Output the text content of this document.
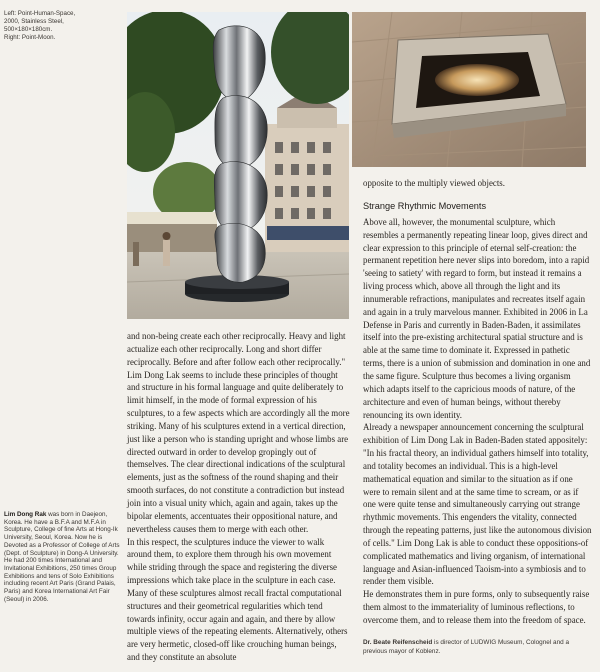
Left: Point-Human-Space,
2000, Stainless Steel,
500×180×180cm.
Right: Point-Moon.
Lim Dong Rak was born in Daejeon, Korea. He have a B.F.A and M.F.A in Sculpture, College of fine Arts at Hong-Ik University, Seoul, Korea. Now he is Devoted as a Professor of College of Arts (Dept. of Sculpture) in Dong-A University. He had 200 times International and Invitational Exhibitions, 250 times Group Exhibitions and tens of Solo Exhibitions including recent Art Paris (Grand Palais, Paris) and Korea International Art Fair (Seoul) in 2006.

and non-being create each other reciprocally. Heavy and light actualize each other reciprocally. Long and short differ reciprocally. Before and after follow each other reciprocally."

Lim Dong Lak seems to include these principles of thought and structure in his formal language and quite deliberately to limit himself, in the mode of formal expression of his sculptures, to a few aspects which are accordingly all the more striking. Many of his sculptures extend in a vertical direction, just like a person who is standing upright and whose limbs are directed outward in order to develop gropingly out of themselves. The clear directional indications of the sculptural elements, just as the softness of the round shaping and their smooth surfaces, do not constitute a contradiction but instead join into a visual unity which, again and again, takes up the bipolar elements, accentuates their oppositional nature, and nevertheless causes them to merge with each other.

In this respect, the sculptures induce the viewer to walk around them, to explore them through his own movement while striding through the space and registering the diverse impressions which take place in the sculpture in each case. Many of these sculptures almost recall fractal computational structures and their geometrical regularities which tend towards infinity, occur again and again, and there by allow multiple views of the repeating elements. Alternatively, others are very hermetic, closed-off like crouching human beings, and they constitute an absolute

opposite to the multiply viewed objects.

Strange Rhythmic Movements

Above all, however, the monumental sculpture, which resembles a permanently repeating linear loop, gives direct and clear expression to this principle of eternal self-creation: the permanent repetition here never slips into boredom, into a rapid 'seeing to satiety' with regard to form, but instead it remains a living process which, above all through the light and its innumerable refractions, manipulates and recreates itself again and again in a truly marvelous manner. Exhibited in 2006 in La Defense in Paris and currently in Baden-Baden, it assimilates itself into the pre-existing architectural spatial structure and is able at the same time to dominate it. Expressed in pathetic terms, there is a union of submission and domination in one and the same figure. Sculpture thus becomes a living organism which adapts itself to the capricious moods of nature, of the architecture and even of human beings, without thereby renouncing its own identity.

Already a newspaper announcement concerning the sculptural exhibition of Lim Dong Lak in Baden-Baden stated appositely: "In his fractal theory, an individual gathers himself into totality, and totality becomes an individual. This is a high-level mathematical equation and similar to the situation as if one were to remain silent and at the same time to scream, or as if one were quite tense and simultaneously carrying out strange rhythmic movements. This engenders the vitality, connected through the repeating patterns, just like the autonomous division of cells." Lim Dong Lak is able to conduct these oppositions-of complicated mathematics and living organism, of international language and Asian-influenced Taoism-into a symbiosis and to render them visible.

He demonstrates them in pure forms, only to subsequently raise them almost to the immateriality of luminous reflections, to overcome them, and to release them into the freedom of space.

Dr. Beate Reifenscheid is director of LUDWIG Museum, Colognel and a previous mayor of Koblenz.
